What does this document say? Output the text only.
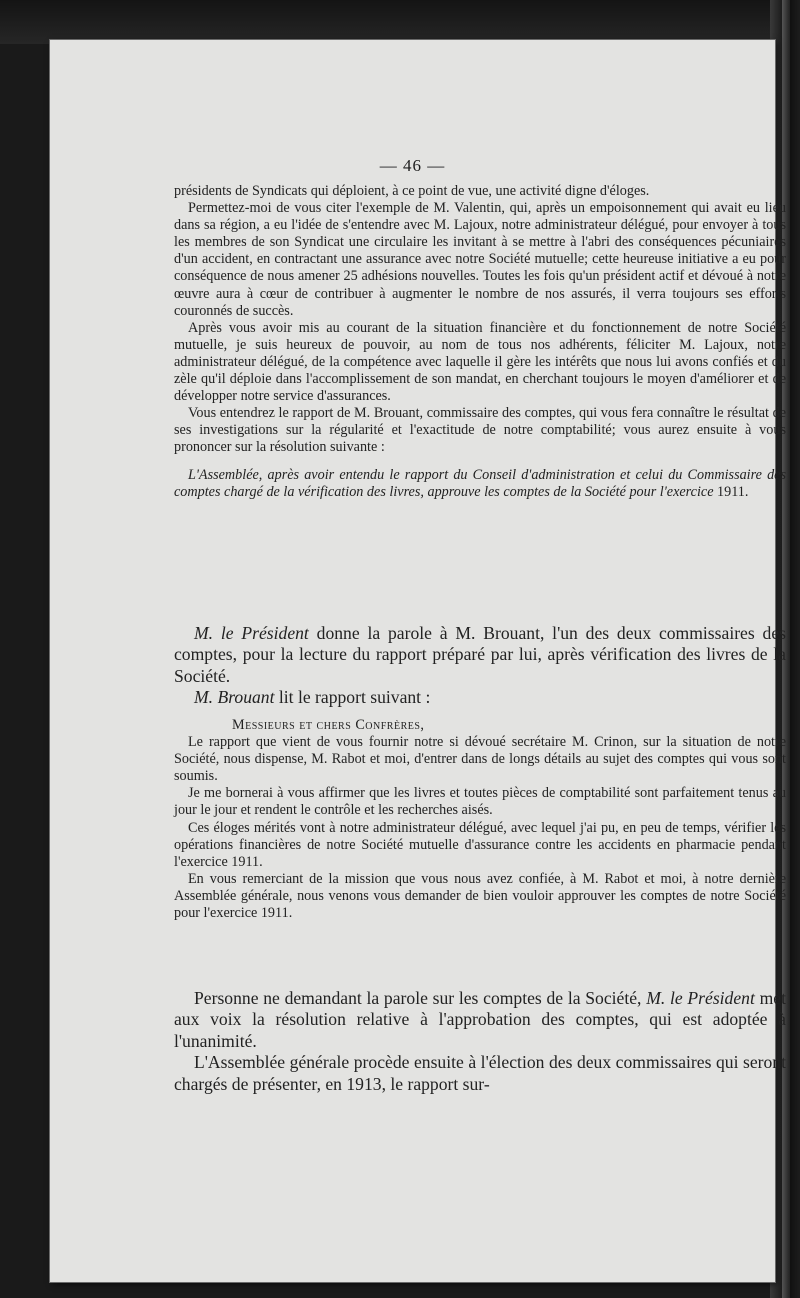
— 46 —

présidents de Syndicats qui déploient, à ce point de vue, une activité digne d'éloges.

Permettez-moi de vous citer l'exemple de M. Valentin, qui, après un empoisonnement qui avait eu lieu dans sa région, a eu l'idée de s'entendre avec M. Lajoux, notre administrateur délégué, pour envoyer à tous les membres de son Syndicat une circulaire les invitant à se mettre à l'abri des conséquences pécuniaires d'un accident, en contractant une assurance avec notre Société mutuelle; cette heureuse initiative a eu pour conséquence de nous amener 25 adhésions nouvelles. Toutes les fois qu'un président actif et dévoué à notre œuvre aura à cœur de contribuer à augmenter le nombre de nos assurés, il verra toujours ses efforts couronnés de succès.

Après vous avoir mis au courant de la situation financière et du fonctionnement de notre Société mutuelle, je suis heureux de pouvoir, au nom de tous nos adhérents, féliciter M. Lajoux, notre administrateur délégué, de la compétence avec laquelle il gère les intérêts que nous lui avons confiés et du zèle qu'il déploie dans l'accomplissement de son mandat, en cherchant toujours le moyen d'améliorer et de développer notre service d'assurances.

Vous entendrez le rapport de M. Brouant, commissaire des comptes, qui vous fera connaître le résultat de ses investigations sur la régularité et l'exactitude de notre comptabilité; vous aurez ensuite à vous prononcer sur la résolution suivante :

L'Assemblée, après avoir entendu le rapport du Conseil d'administration et celui du Commissaire des comptes chargé de la vérification des livres, approuve les comptes de la Société pour l'exercice 1911.

M. le Président donne la parole à M. Brouant, l'un des deux commissaires des comptes, pour la lecture du rapport préparé par lui, après vérification des livres de la Société.

M. Brouant lit le rapport suivant :

Messieurs et chers Confrères,

Le rapport que vient de vous fournir notre si dévoué secrétaire M. Crinon, sur la situation de notre Société, nous dispense, M. Rabot et moi, d'entrer dans de longs détails au sujet des comptes qui vous sont soumis.

Je me bornerai à vous affirmer que les livres et toutes pièces de comptabilité sont parfaitement tenus au jour le jour et rendent le contrôle et les recherches aisés.

Ces éloges mérités vont à notre administrateur délégué, avec lequel j'ai pu, en peu de temps, vérifier les opérations financières de notre Société mutuelle d'assurance contre les accidents en pharmacie pendant l'exercice 1911.

En vous remerciant de la mission que vous nous avez confiée, à M. Rabot et moi, à notre dernière Assemblée générale, nous venons vous demander de bien vouloir approuver les comptes de notre Société pour l'exercice 1911.

Personne ne demandant la parole sur les comptes de la Société, M. le Président met aux voix la résolution relative à l'approbation des comptes, qui est adoptée à l'unanimité.

L'Assemblée générale procède ensuite à l'élection des deux commissaires qui seront chargés de présenter, en 1913, le rapport sur-
